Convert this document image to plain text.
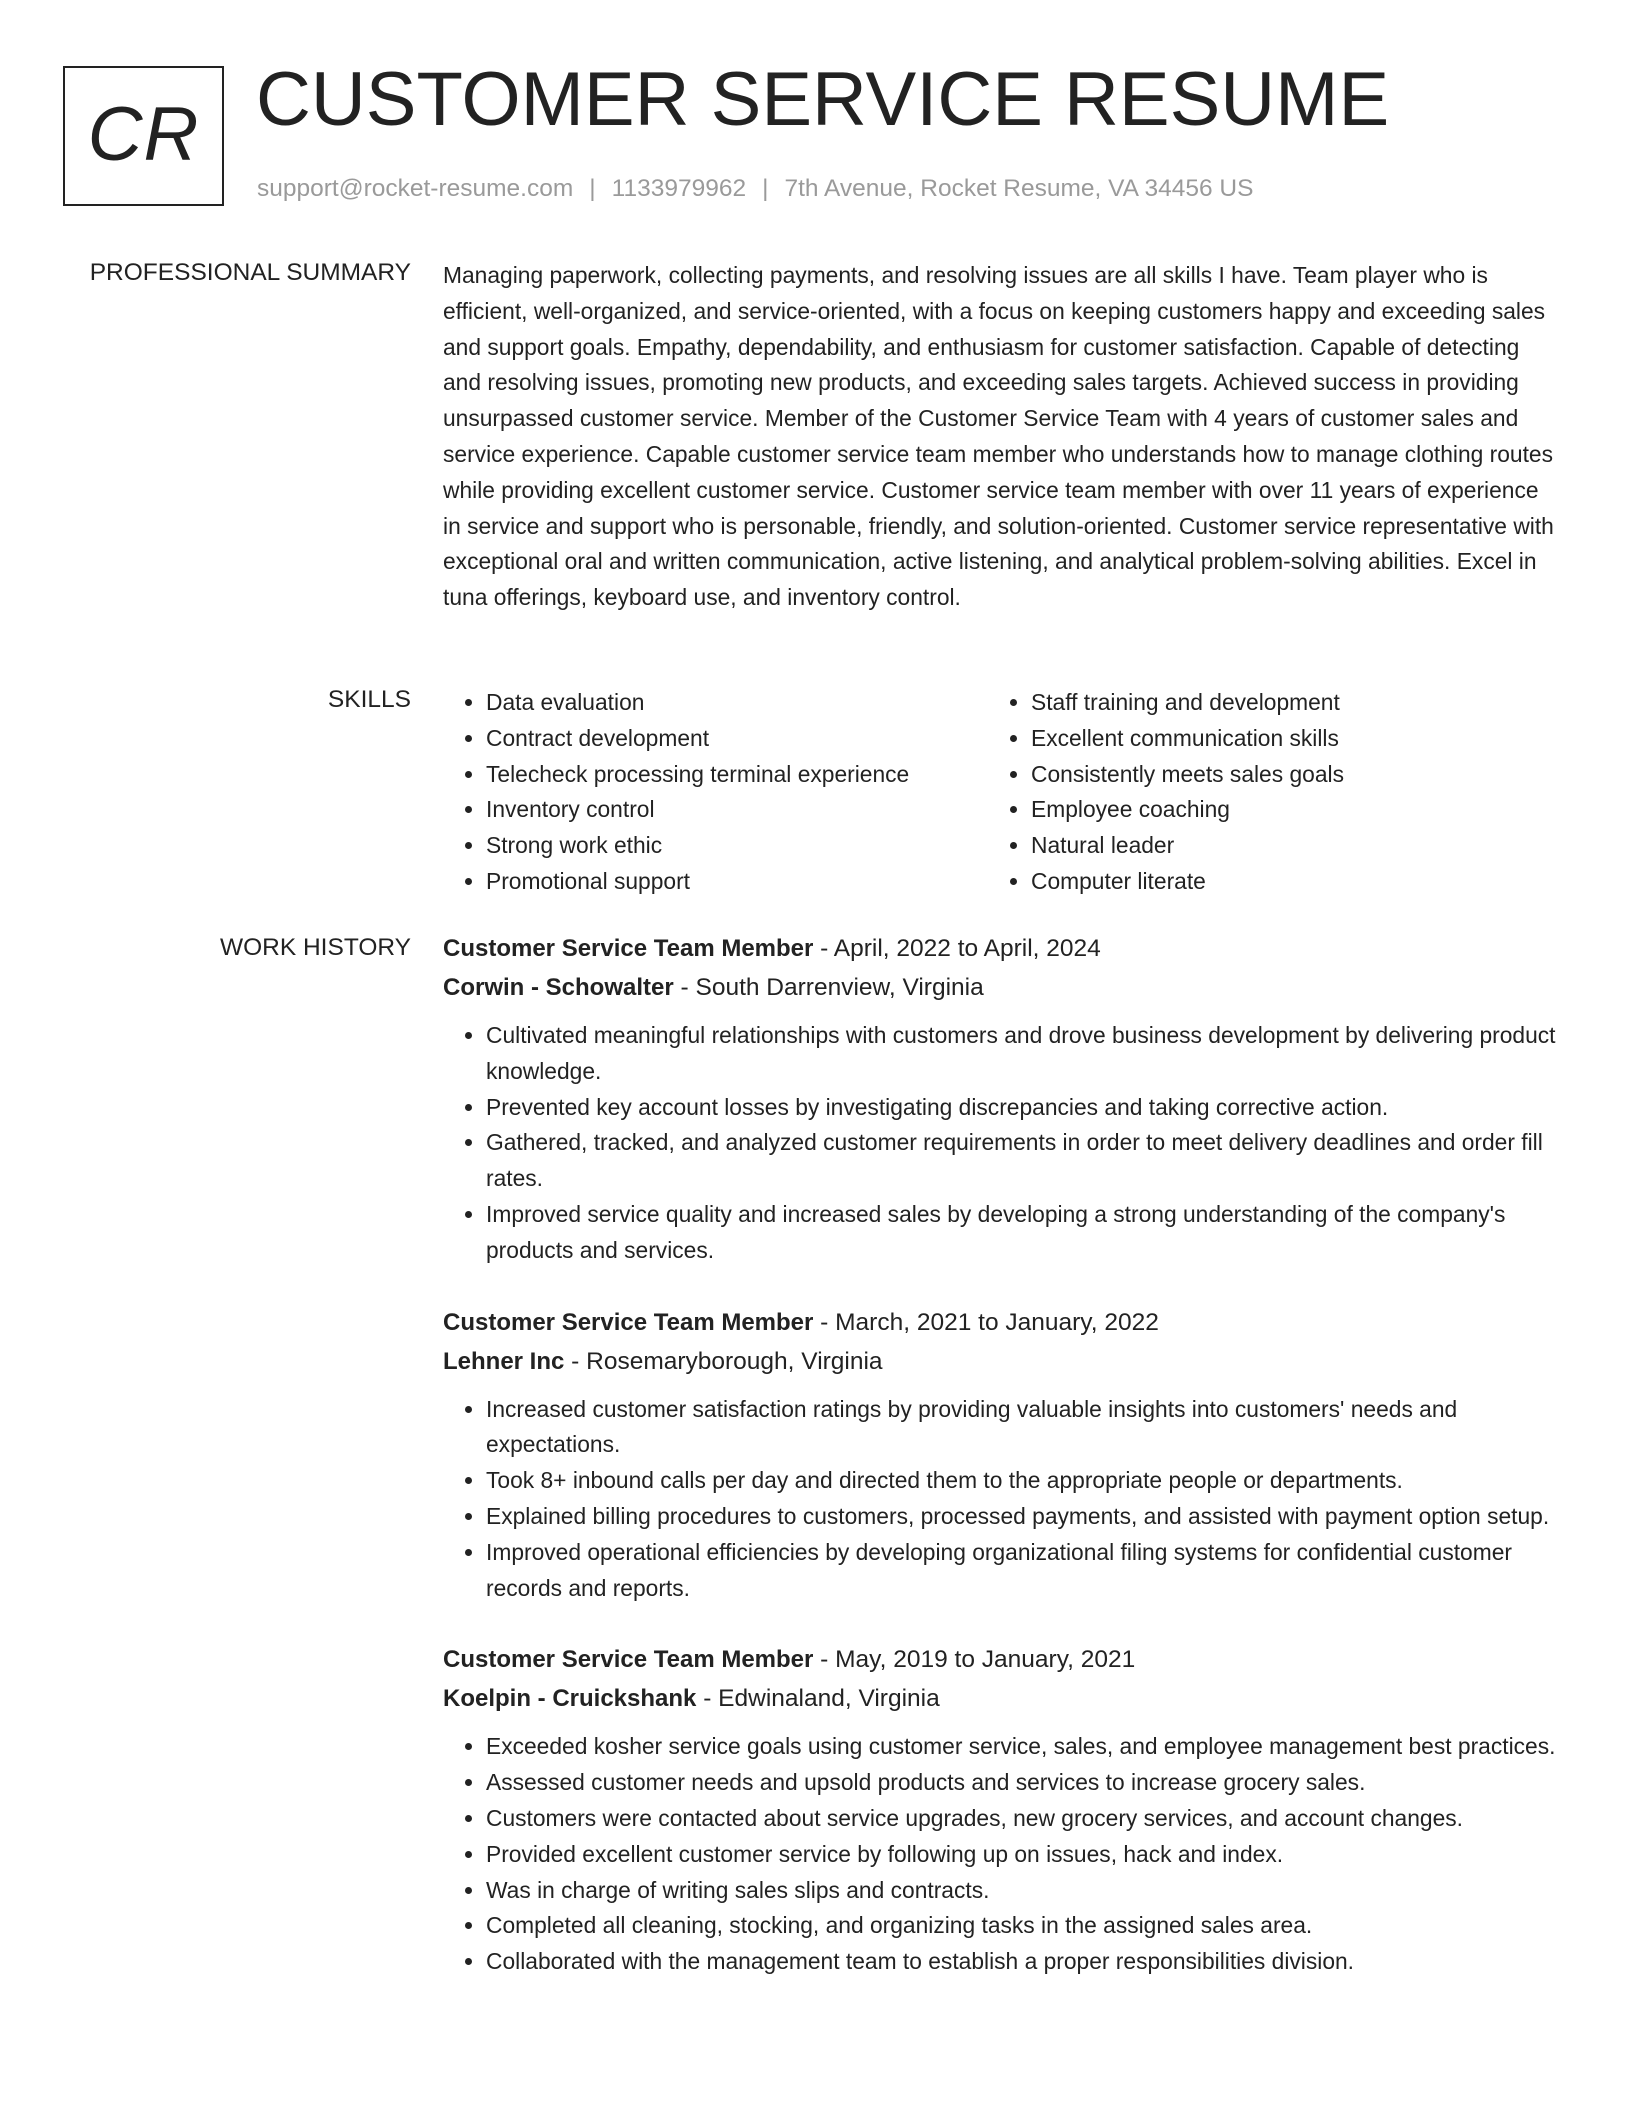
CR CUSTOMER SERVICE RESUME
support@rocket-resume.com | 1133979962 | 7th Avenue, Rocket Resume, VA 34456 US
PROFESSIONAL SUMMARY Managing paperwork, collecting payments, and resolving issues are all skills I have. Team player who is efficient, well-organized, and service-oriented, with a focus on keeping customers happy and exceeding sales and support goals. Empathy, dependability, and enthusiasm for customer satisfaction. Capable of detecting and resolving issues, promoting new products, and exceeding sales targets. Achieved success in providing unsurpassed customer service. Member of the Customer Service Team with 4 years of customer sales and service experience. Capable customer service team member who understands how to manage clothing routes while providing excellent customer service. Customer service team member with over 11 years of experience in service and support who is personable, friendly, and solution-oriented. Customer service representative with exceptional oral and written communication, active listening, and analytical problem-solving abilities. Excel in tuna offerings, keyboard use, and inventory control.

SKILLS
•	Data evaluation
• Contract development
• Telecheck processing terminal experience
• Inventory control
• Strong work ethic
• Promotional support
• Staff training and development
• Excellent communication skills
• Consistently meets sales goals
• Employee coaching
• Natural leader
• Computer literate
WORK HISTORY Customer Service Team Member - April, 2022 to April, 2024
Corwin - Schowalter - South Darrenview, Virginia
• Cultivated meaningful relationships with customers and drove business development by delivering product knowledge.
• Prevented key account losses by investigating discrepancies and taking corrective action.
• Gathered, tracked, and analyzed customer requirements in order to meet delivery deadlines and order fill rates.
• Improved service quality and increased sales by developing a strong understanding of the company's products and services.
Customer Service Team Member - March, 2021 to January, 2022
Lehner Inc - Rosemaryborough, Virginia
• Increased customer satisfaction ratings by providing valuable insights into customers' needs and expectations.
• Took 8+ inbound calls per day and directed them to the appropriate people or departments.
• Explained billing procedures to customers, processed payments, and assisted with payment option setup.
• Improved operational efficiencies by developing organizational filing systems for confidential customer records and reports.
Customer Service Team Member - May, 2019 to January, 2021
Koelpin - Cruickshank - Edwinaland, Virginia
• Exceeded kosher service goals using customer service, sales, and employee management best practices.
• Assessed customer needs and upsold products and services to increase grocery sales.
• Customers were contacted about service upgrades, new grocery services, and account changes.
• Provided excellent customer service by following up on issues, hack and index.
• Was in charge of writing sales slips and contracts.
• Completed all cleaning, stocking, and organizing tasks in the assigned sales area.
• Collaborated with the management team to establish a proper responsibilities division.
